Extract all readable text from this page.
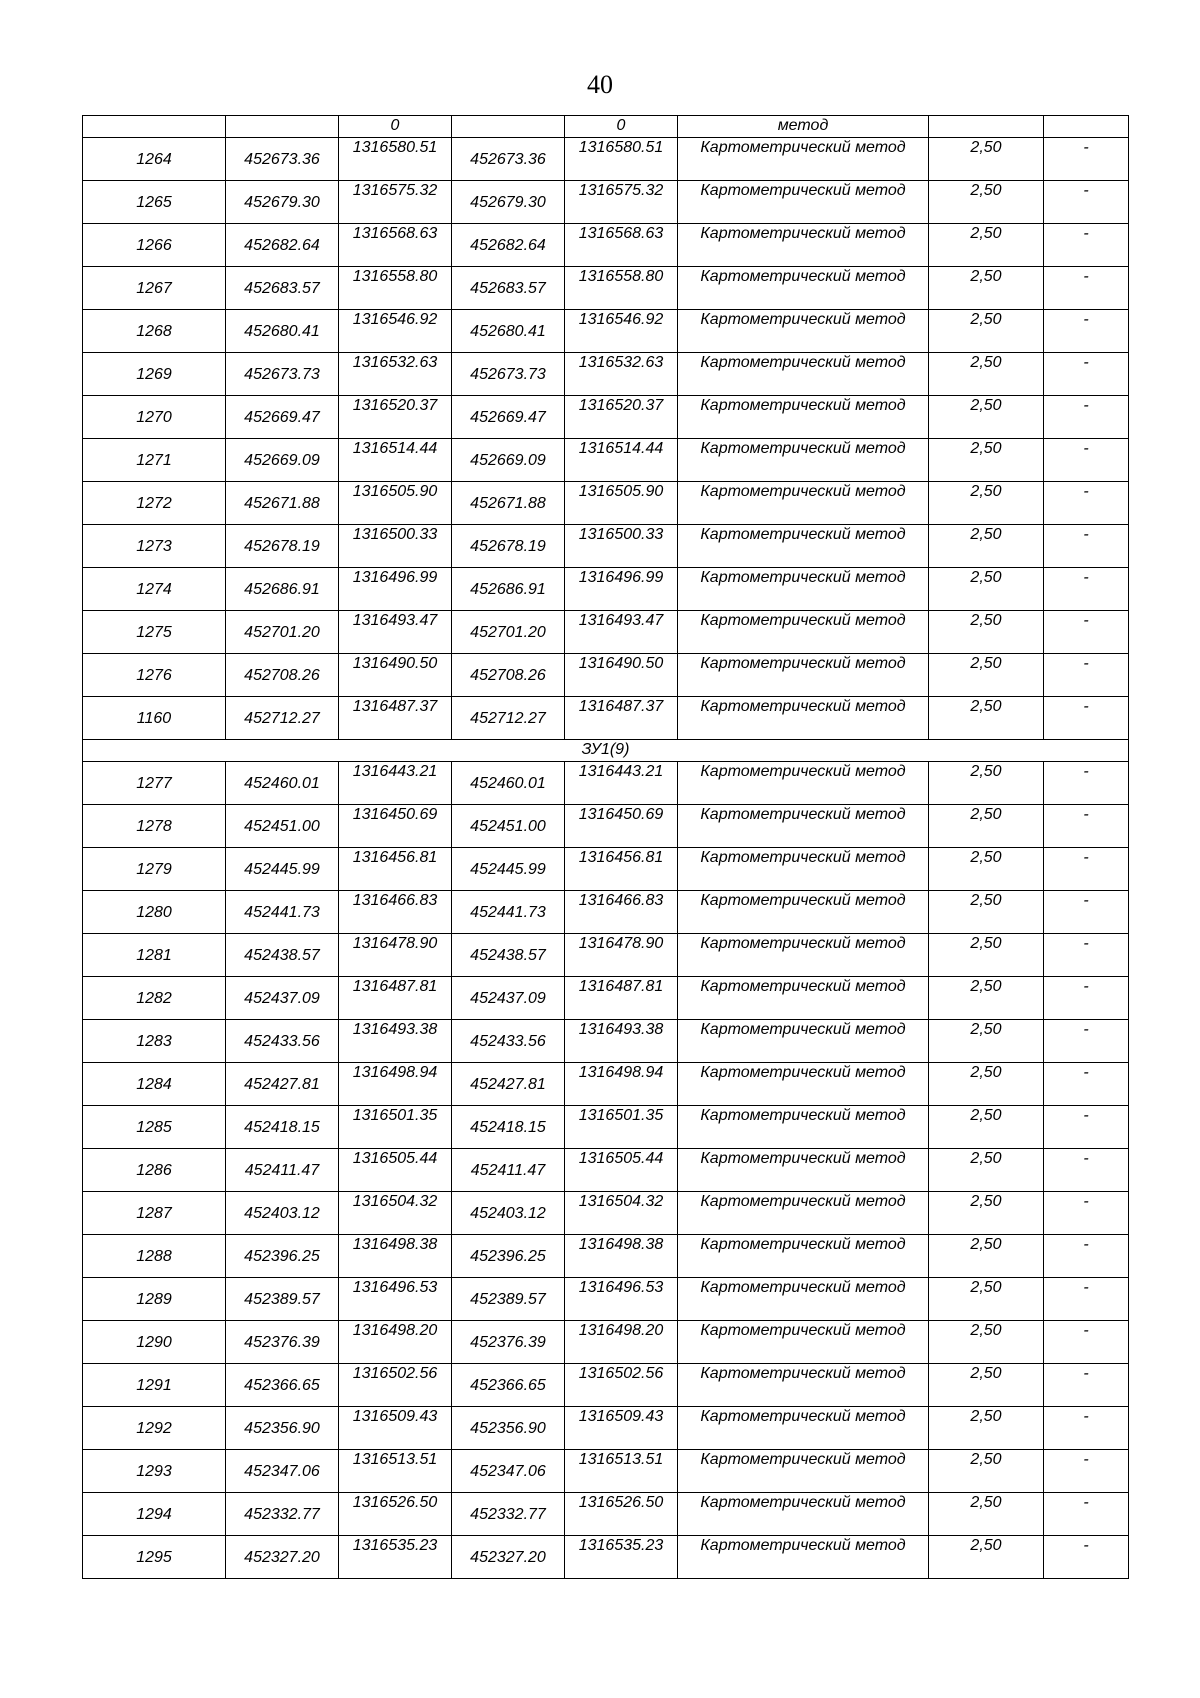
40
		0		0	метод		
1264	452673.36	1316580.51	452673.36	1316580.51	Картометрический метод	2,50	-
1265	452679.30	1316575.32	452679.30	1316575.32	Картометрический метод	2,50	-
1266	452682.64	1316568.63	452682.64	1316568.63	Картометрический метод	2,50	-
1267	452683.57	1316558.80	452683.57	1316558.80	Картометрический метод	2,50	-
1268	452680.41	1316546.92	452680.41	1316546.92	Картометрический метод	2,50	-
1269	452673.73	1316532.63	452673.73	1316532.63	Картометрический метод	2,50	-
1270	452669.47	1316520.37	452669.47	1316520.37	Картометрический метод	2,50	-
1271	452669.09	1316514.44	452669.09	1316514.44	Картометрический метод	2,50	-
1272	452671.88	1316505.90	452671.88	1316505.90	Картометрический метод	2,50	-
1273	452678.19	1316500.33	452678.19	1316500.33	Картометрический метод	2,50	-
1274	452686.91	1316496.99	452686.91	1316496.99	Картометрический метод	2,50	-
1275	452701.20	1316493.47	452701.20	1316493.47	Картометрический метод	2,50	-
1276	452708.26	1316490.50	452708.26	1316490.50	Картометрический метод	2,50	-
1160	452712.27	1316487.37	452712.27	1316487.37	Картометрический метод	2,50	-
ЗУ1(9)							
1277	452460.01	1316443.21	452460.01	1316443.21	Картометрический метод	2,50	-
1278	452451.00	1316450.69	452451.00	1316450.69	Картометрический метод	2,50	-
1279	452445.99	1316456.81	452445.99	1316456.81	Картометрический метод	2,50	-
1280	452441.73	1316466.83	452441.73	1316466.83	Картометрический метод	2,50	-
1281	452438.57	1316478.90	452438.57	1316478.90	Картометрический метод	2,50	-
1282	452437.09	1316487.81	452437.09	1316487.81	Картометрический метод	2,50	-
1283	452433.56	1316493.38	452433.56	1316493.38	Картометрический метод	2,50	-
1284	452427.81	1316498.94	452427.81	1316498.94	Картометрический метод	2,50	-
1285	452418.15	1316501.35	452418.15	1316501.35	Картометрический метод	2,50	-
1286	452411.47	1316505.44	452411.47	1316505.44	Картометрический метод	2,50	-
1287	452403.12	1316504.32	452403.12	1316504.32	Картометрический метод	2,50	-
1288	452396.25	1316498.38	452396.25	1316498.38	Картометрический метод	2,50	-
1289	452389.57	1316496.53	452389.57	1316496.53	Картометрический метод	2,50	-
1290	452376.39	1316498.20	452376.39	1316498.20	Картометрический метод	2,50	-
1291	452366.65	1316502.56	452366.65	1316502.56	Картометрический метод	2,50	-
1292	452356.90	1316509.43	452356.90	1316509.43	Картометрический метод	2,50	-
1293	452347.06	1316513.51	452347.06	1316513.51	Картометрический метод	2,50	-
1294	452332.77	1316526.50	452332.77	1316526.50	Картометрический метод	2,50	-
1295	452327.20	1316535.23	452327.20	1316535.23	Картометрический метод	2,50	-
